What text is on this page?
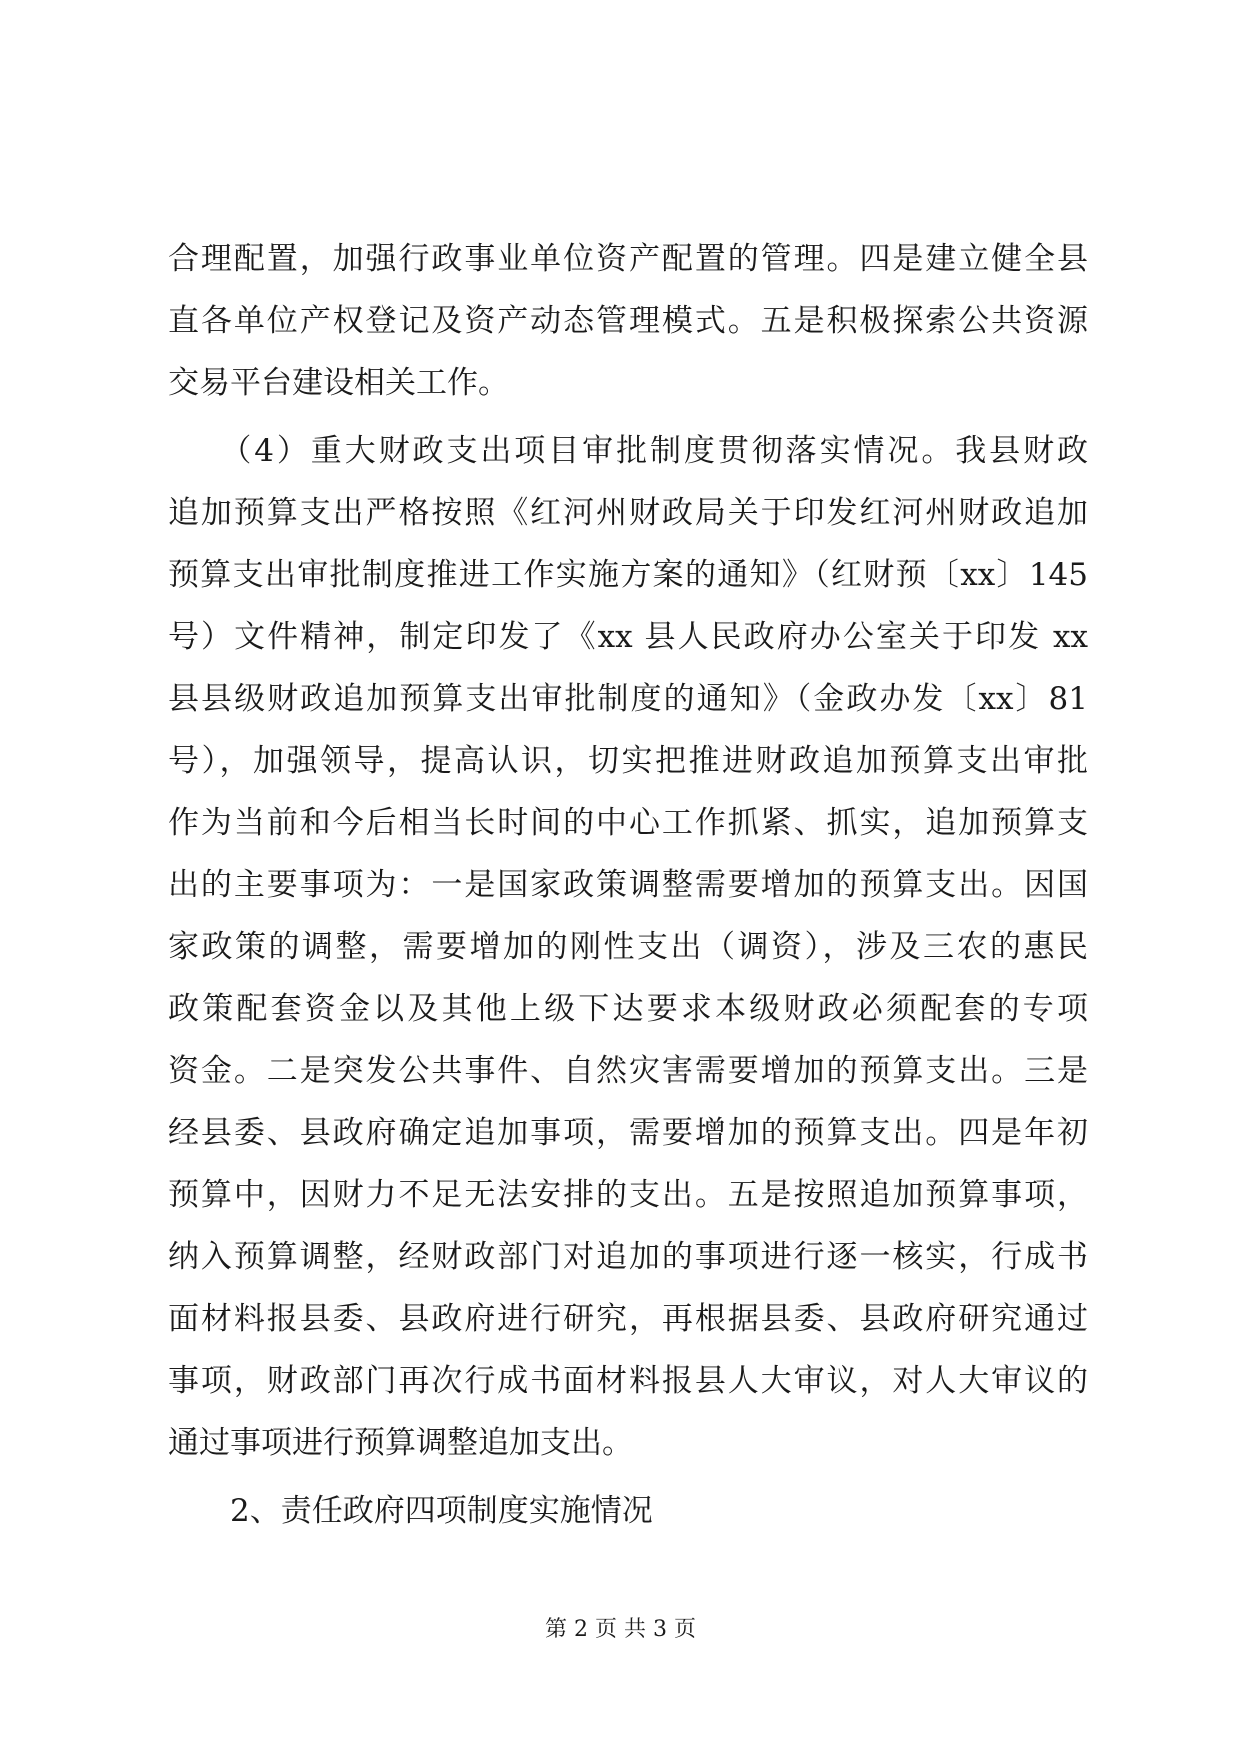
合理配置，加强行政事业单位资产配置的管理。四是建立健全县
直各单位产权登记及资产动态管理模式。五是积极探索公共资源
交易平台建设相关工作。

　　（4）重大财政支出项目审批制度贯彻落实情况。我县财政
追加预算支出严格按照《红河州财政局关于印发红河州财政追加
预算支出审批制度推进工作实施方案的通知》（红财预〔xx〕145
号）文件精神，制定印发了《xx 县人民政府办公室关于印发 xx
县县级财政追加预算支出审批制度的通知》（金政办发〔xx〕81
号），加强领导，提高认识，切实把推进财政追加预算支出审批
作为当前和今后相当长时间的中心工作抓紧、抓实，追加预算支
出的主要事项为：一是国家政策调整需要增加的预算支出。因国
家政策的调整，需要增加的刚性支出（调资），涉及三农的惠民
政策配套资金以及其他上级下达要求本级财政必须配套的专项
资金。二是突发公共事件、自然灾害需要增加的预算支出。三是
经县委、县政府确定追加事项，需要增加的预算支出。四是年初
预算中，因财力不足无法安排的支出。五是按照追加预算事项，
纳入预算调整，经财政部门对追加的事项进行逐一核实，行成书
面材料报县委、县政府进行研究，再根据县委、县政府研究通过
事项，财政部门再次行成书面材料报县人大审议，对人大审议的
通过事项进行预算调整追加支出。

　　2、责任政府四项制度实施情况

第 2 页 共 3 页
